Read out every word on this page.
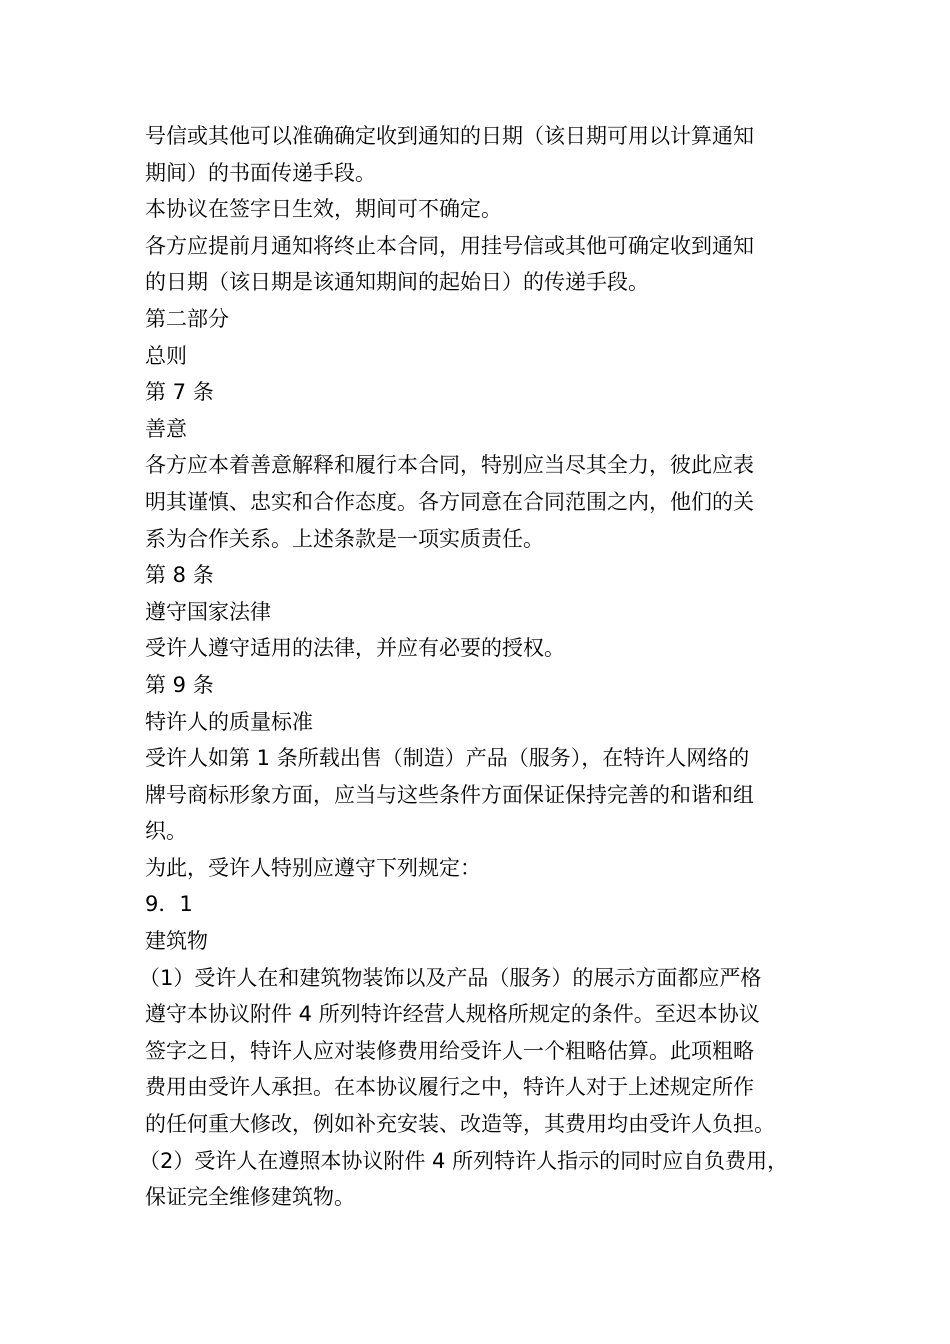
号信或其他可以准确确定收到通知的日期（该日期可用以计算通知
期间）的书面传递手段。
本协议在签字日生效，期间可不确定。
各方应提前月通知将终止本合同，用挂号信或其他可确定收到通知
的日期（该日期是该通知期间的起始日）的传递手段。
第二部分
总则
第 7 条
善意
各方应本着善意解释和履行本合同，特别应当尽其全力，彼此应表
明其谨慎、忠实和合作态度。各方同意在合同范围之内，他们的关
系为合作关系。上述条款是一项实质责任。
第 8 条
遵守国家法律
受许人遵守适用的法律，并应有必要的授权。
第 9 条
特许人的质量标准
受许人如第 1 条所载出售（制造）产品（服务），在特许人网络的
牌号商标形象方面，应当与这些条件方面保证保持完善的和谐和组
织。
为此，受许人特别应遵守下列规定：
9．1
建筑物
（1）受许人在和建筑物装饰以及产品（服务）的展示方面都应严格
遵守本协议附件 4 所列特许经营人规格所规定的条件。至迟本协议
签字之日，特许人应对装修费用给受许人一个粗略估算。此项粗略
费用由受许人承担。在本协议履行之中，特许人对于上述规定所作
的任何重大修改，例如补充安装、改造等，其费用均由受许人负担。
（2）受许人在遵照本协议附件 4 所列特许人指示的同时应自负费用，
保证完全维修建筑物。
